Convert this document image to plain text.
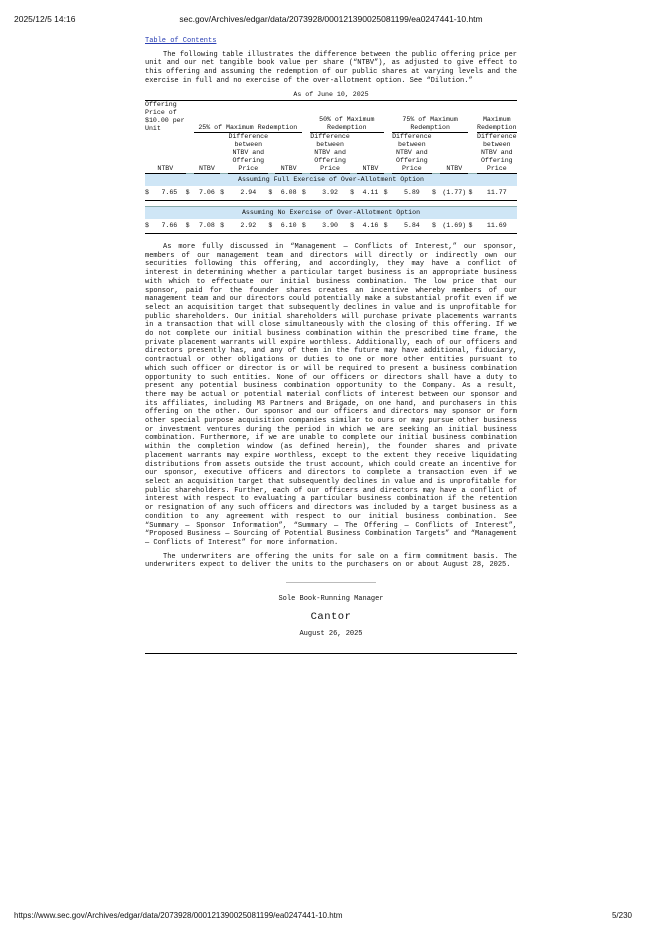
2025/12/5 14:16	sec.gov/Archives/edgar/data/2073928/000121390025081199/ea0247441-10.htm
Table of Contents

The following table illustrates the difference between the public offering price per unit and our net tangible book value per share (“NTBV”), as adjusted to give effect to this offering and assuming the redemption of our public shares at varying levels and the exercise in full and no exercise of the over-allotment option. See “Dilution.”

As of June 10, 2025																	
Offering Price of $10.00 per Unit			25% of Maximum Redemption						50% of Maximum Redemption				75% of Maximum Redemption				Maximum Redemption
NTBV			NTBV		Difference between NTBV and Offering Price		NTBV		Difference between NTBV and Offering Price		NTBV		Difference between NTBV and Offering Price		NTBV		Difference between NTBV and Offering Price
Assuming Full Exercise of Over-Allotment Option																	
$	7.65	$	7.06	$	2.94	$	6.08	$	3.92	$	4.11	$	5.89	$	(1.77)	$	11.77

Assuming No Exercise of Over-Allotment Option																	
$	7.66	$	7.08	$	2.92	$	6.10	$	3.90	$	4.16	$	5.84	$	(1.69)	$	11.69

As more fully discussed in “Management — Conflicts of Interest,” our sponsor, members of our management team and directors will directly or indirectly own our securities following this offering, and accordingly, they may have a conflict of interest in determining whether a particular target business is an appropriate business with which to effectuate our initial business combination. The low price that our sponsor, paid for the founder shares creates an incentive whereby members of our management team and our directors could potentially make a substantial profit even if we select an acquisition target that subsequently declines in value and is unprofitable for public shareholders. Our initial shareholders will purchase private placements warrants in a transaction that will close simultaneously with the closing of this offering. If we do not complete our initial business combination within the prescribed time frame, the private placement warrants will expire worthless. Additionally, each of our officers and directors presently has, and any of them in the future may have additional, fiduciary, contractual or other obligations or duties to one or more other entities pursuant to which such officer or director is or will be required to present a business combination opportunity to such entities. None of our officers or directors shall have a duty to present any potential business combination opportunity to the Company. As a result, there may be actual or potential material conflicts of interest between our sponsor and its affiliates, including M3 Partners and Brigade, on one hand, and purchasers in this offering on the other. Our sponsor and our officers and directors may sponsor or form other special purpose acquisition companies similar to ours or may pursue other business or investment ventures during the period in which we are seeking an initial business combination. Furthermore, if we are unable to complete our initial business combination within the completion window (as defined herein), the founder shares and private placement warrants may expire worthless, except to the extent they receive liquidating distributions from assets outside the trust account, which could create an incentive for our sponsor, executive officers and directors to complete a transaction even if we select an acquisition target that subsequently declines in value and is unprofitable for public shareholders. Further, each of our officers and directors may have a conflict of interest with respect to evaluating a particular business combination if the retention or resignation of any such officers and directors was included by a target business as a condition to any agreement with respect to our initial business combination. See “Summary — Sponsor Information”, “Summary — The Offering — Conflicts of Interest”, “Proposed Business — Sourcing of Potential Business Combination Targets” and “Management — Conflicts of Interest” for more information.

The underwriters are offering the units for sale on a firm commitment basis. The underwriters expect to deliver the units to the purchasers on or about August 28, 2025.

Sole Book-Running Manager
Cantor
August 26, 2025
https://www.sec.gov/Archives/edgar/data/2073928/000121390025081199/ea0247441-10.htm	5/230
